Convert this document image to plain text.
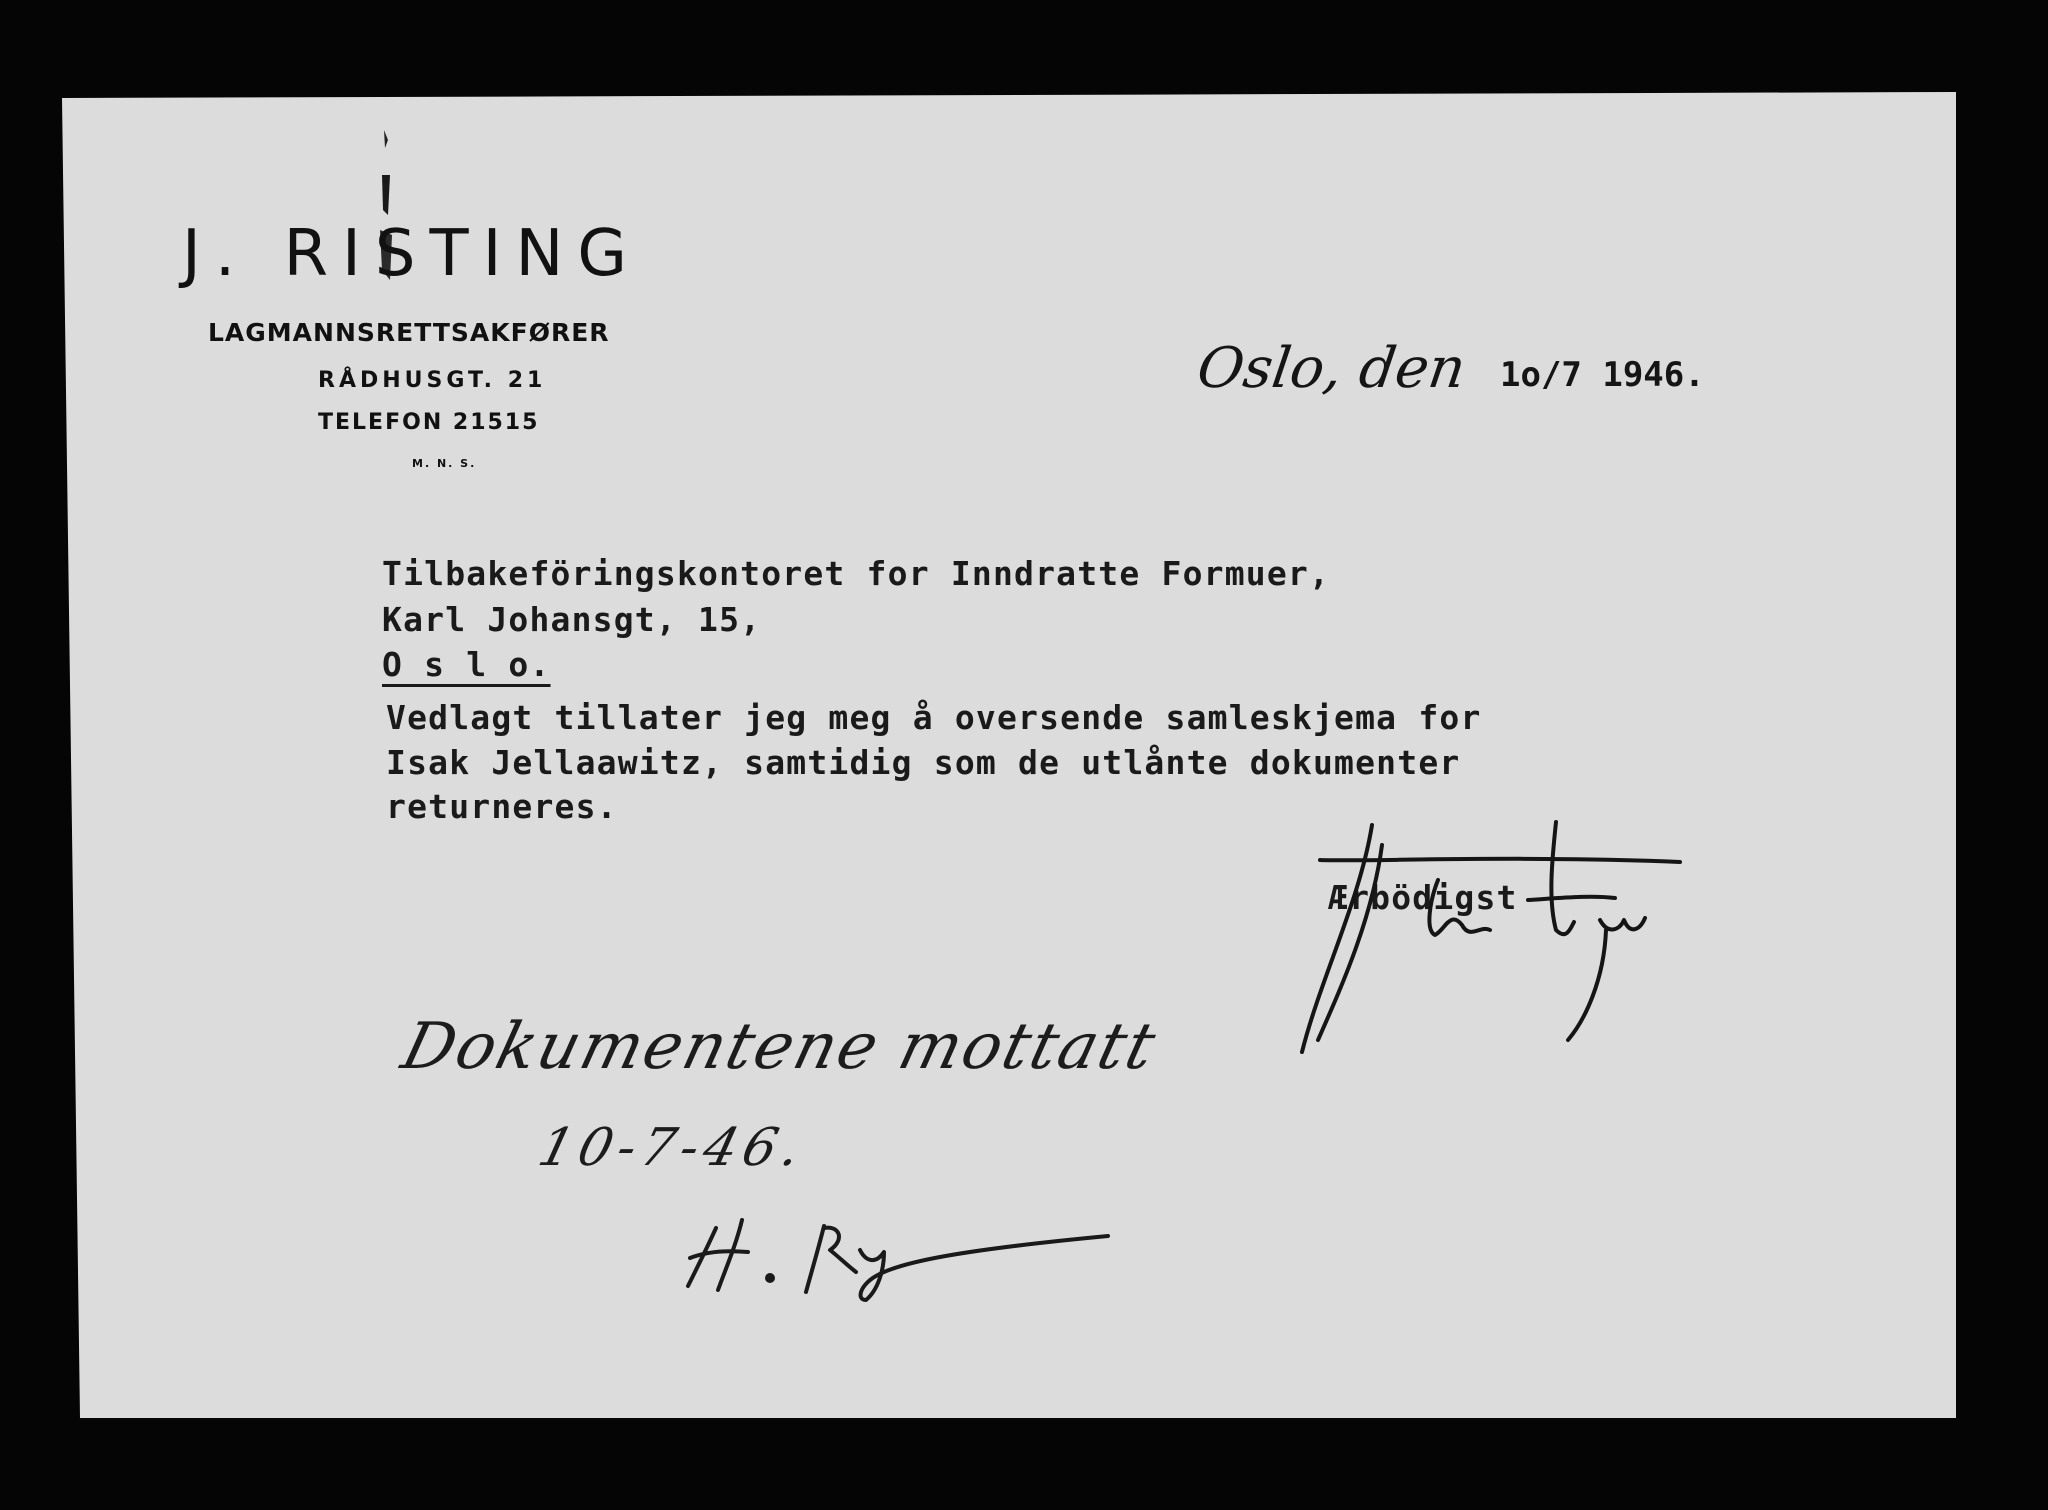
J. RISTING
LAGMANNSRETTSAKFØRER
RÅDHUSGT. 21
TELEFON 21515
M. N. S.
Oslo, den 1o/7 1946.
Tilbakeföringskontoret for Inndratte Formuer,
Karl Johansgt, 15,
O s l o.
Vedlagt tillater jeg meg å oversende samleskjema for
Isak Jellaawitz, samtidig som de utlånte dokumenter
returneres.
Ærbödigst
Dokumentene mottatt
10-7-46.
